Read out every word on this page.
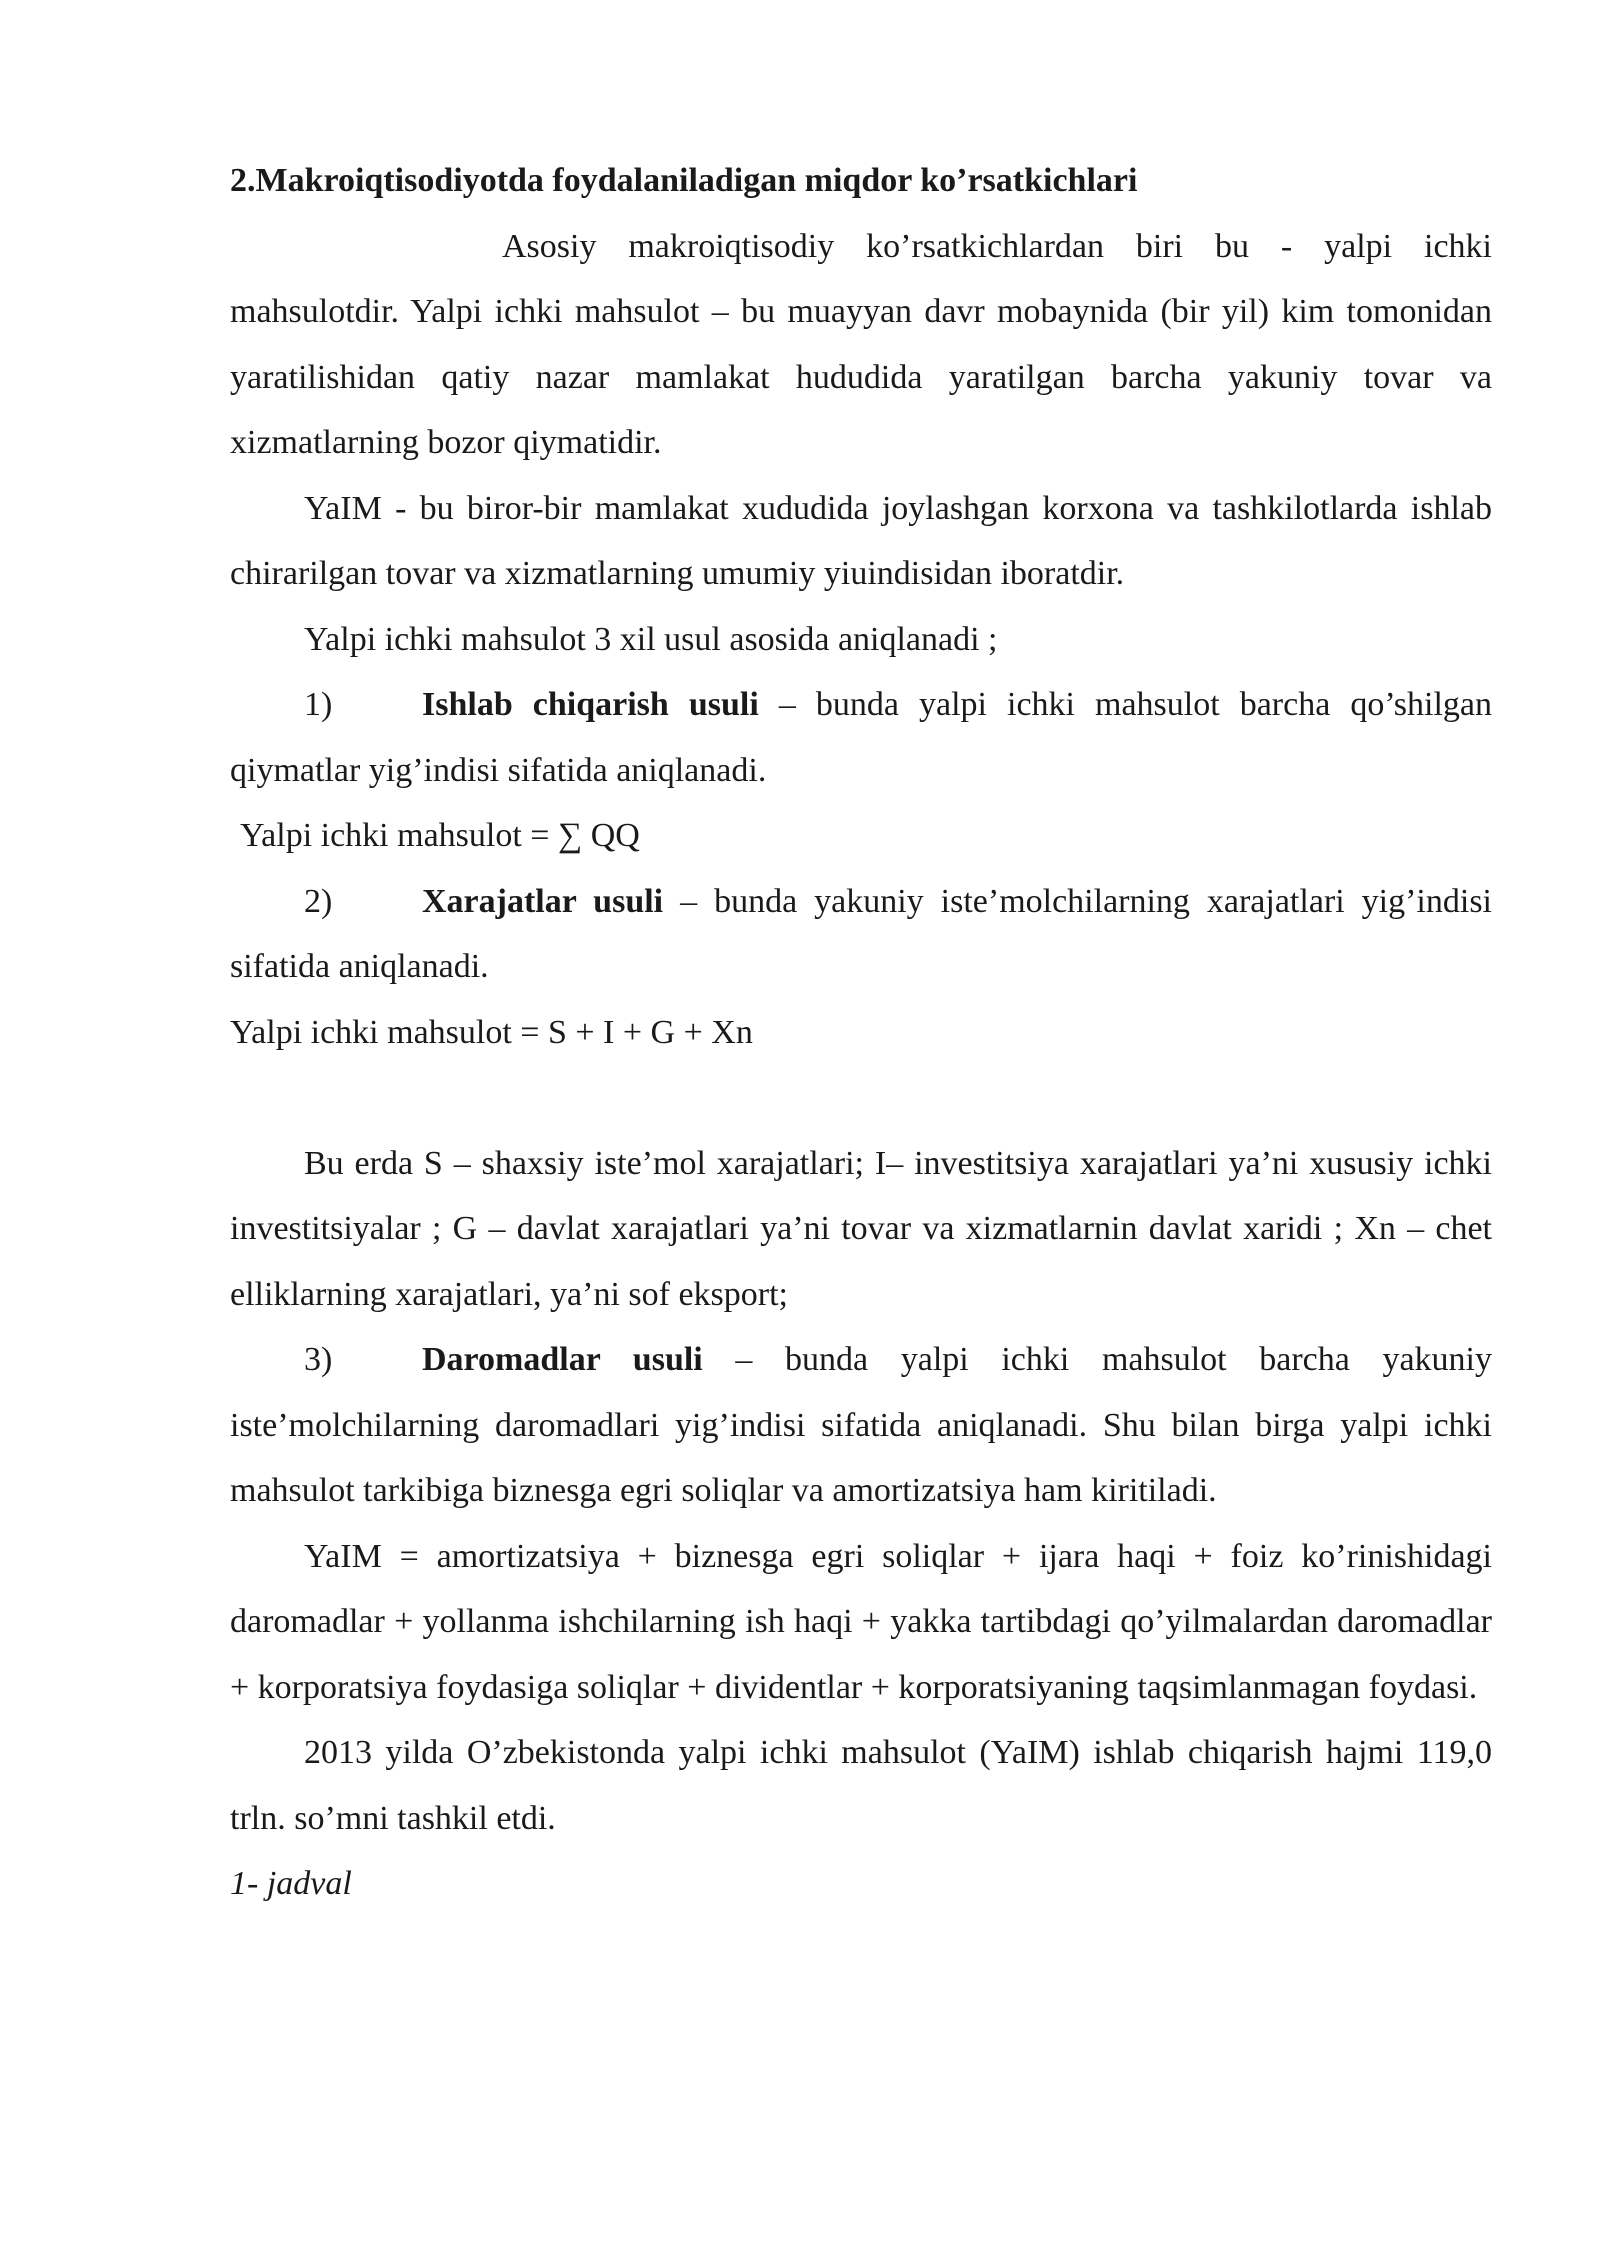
2.Makroiqtisodiyotda foydalaniladigan miqdor ko’rsatkichlari

Asosiy makroiqtisodiy ko’rsatkichlardan biri bu - yalpi ichki mahsulotdir. Yalpi ichki mahsulot – bu muayyan davr mobaynida (bir yil) kim tomonidan yaratilishidan qatiy nazar mamlakat hududida yaratilgan barcha yakuniy tovar va xizmatlarning bozor qiymatidir.

YaIM - bu biror-bir mamlakat xududida joylashgan korxona va tashkilotlarda ishlab chirarilgan tovar va xizmatlarning umumiy yiuindisidan iboratdir.

Yalpi ichki mahsulot 3 xil usul asosida aniqlanadi ;

1)	Ishlab chiqarish usuli – bunda yalpi ichki mahsulot barcha qo’shilgan qiymatlar yig’indisi sifatida aniqlanadi.

Yalpi ichki mahsulot = ∑ QQ

2)	Xarajatlar usuli – bunda yakuniy iste’molchilarning xarajatlari yig’indisi sifatida aniqlanadi.

Yalpi ichki mahsulot = S + I + G + Xn

Bu erda S – shaxsiy iste’mol xarajatlari; I– investitsiya xarajatlari ya’ni xususiy ichki investitsiyalar ; G – davlat xarajatlari ya’ni tovar va xizmatlarnin davlat xaridi ; Xn – chet elliklarning xarajatlari, ya’ni sof eksport;

3)	Daromadlar usuli – bunda yalpi ichki mahsulot barcha yakuniy iste’molchilarning daromadlari yig’indisi sifatida aniqlanadi. Shu bilan birga yalpi ichki mahsulot tarkibiga biznesga egri soliqlar va amortizatsiya ham kiritiladi.

YaIM = amortizatsiya + biznesga egri soliqlar + ijara haqi + foiz ko’rinishidagi daromadlar + yollanma ishchilarning ish haqi + yakka tartibdagi qo’yilmalardan daromadlar + korporatsiya foydasiga soliqlar + dividentlar + korporatsiyaning taqsimlanmagan foydasi.

2013 yilda O’zbekistonda yalpi ichki mahsulot (YaIM) ishlab chiqarish hajmi 119,0 trln. so’mni tashkil etdi.

1- jadval
